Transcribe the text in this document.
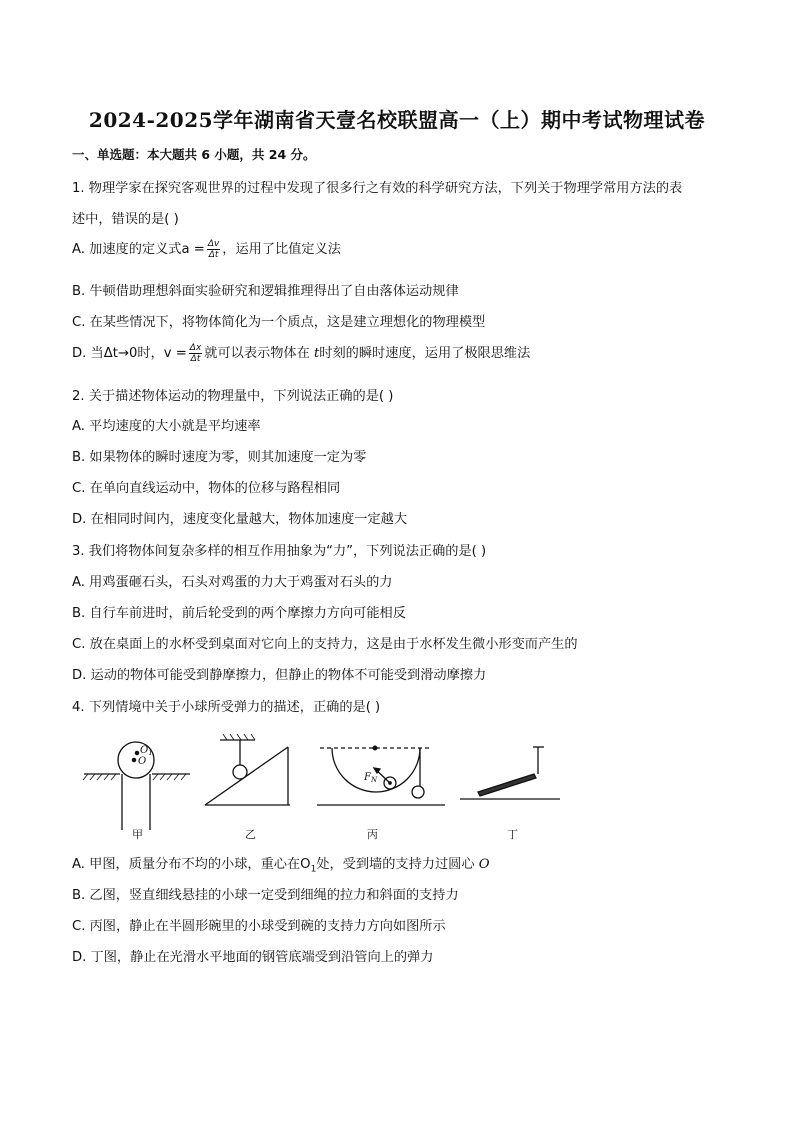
2024-2025学年湖南省天壹名校联盟高一（上）期中考试物理试卷
一、单选题：本大题共 6 小题，共 24 分。
1. 物理学家在探究客观世界的过程中发现了很多行之有效的科学研究方法，下列关于物理学常用方法的表
述中，错误的是( )
A. 加速度的定义式$a = \frac{\Delta v}{\Delta t}$ ，运用了比值定义法
B. 牛顿借助理想斜面实验研究和逻辑推理得出了自由落体运动规律
C. 在某些情况下，将物体简化为一个质点，这是建立理想化的物理模型
D. 当Δt→0时，$v = \frac{\Delta x}{\Delta t}$ 就可以表示物体在 t时刻的瞬时速度，运用了极限思维法
2. 关于描述物体运动的物理量中，下列说法正确的是( )
A. 平均速度的大小就是平均速率
B. 如果物体的瞬时速度为零，则其加速度一定为零
C. 在单向直线运动中，物体的位移与路程相同
D. 在相同时间内，速度变化量越大，物体加速度一定越大
3. 我们将物体间复杂多样的相互作用抽象为“力”，下列说法正确的是( )
A. 用鸡蛋砸石头，石头对鸡蛋的力大于鸡蛋对石头的力
B. 自行车前进时，前后轮受到的两个摩擦力方向可能相反
C. 放在桌面上的水杯受到桌面对它向上的支持力，这是由于水杯发生微小形变而产生的
D. 运动的物体可能受到静摩擦力，但静止的物体不可能受到滑动摩擦力
4. 下列情境中关于小球所受弹力的描述，正确的是( )
$O_1$
O
甲	乙
$F_N$
丙	丁
A. 甲图，质量分布不均的小球，重心在$O_1$处，受到墙的支持力过圆心 O
B. 乙图，竖直细线悬挂的小球一定受到细绳的拉力和斜面的支持力
C. 丙图，静止在半圆形碗里的小球受到碗的支持力方向如图所示
D. 丁图，静止在光滑水平地面的钢管底端受到沿管向上的弹力
